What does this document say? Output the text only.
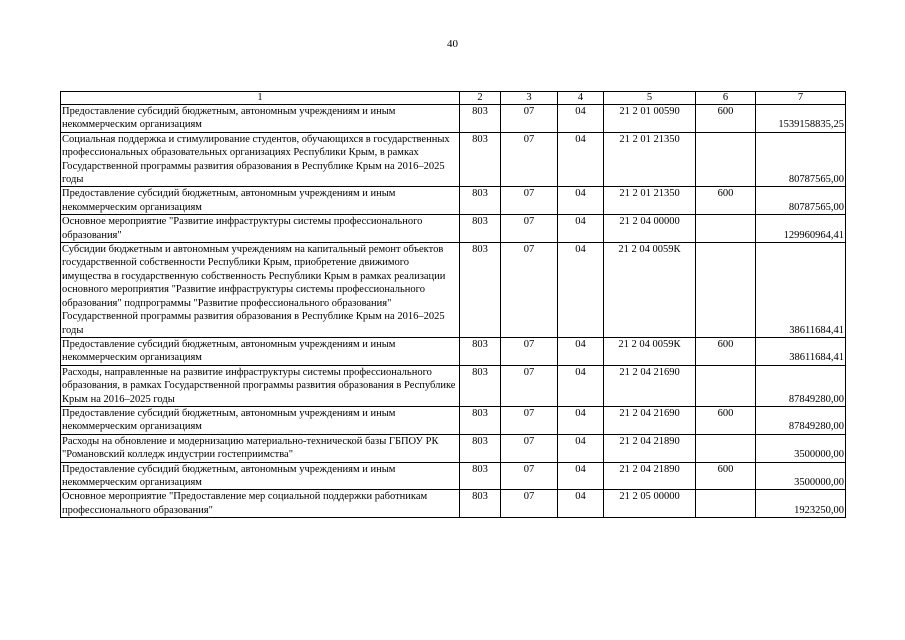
40
1	2	3	4	5	6	7
Предоставление субсидий бюджетным, автономным учреждениям и иным некоммерческим организациям	803	07	04	21 2 01 00590	600	1539158835,25
Социальная поддержка и стимулирование студентов, обучающихся в государственных профессиональных образовательных организациях Республики Крым, в рамках Государственной программы развития образования в Республике Крым на 2016–2025 годы	803	07	04	21 2 01 21350		80787565,00
Предоставление субсидий бюджетным, автономным учреждениям и иным некоммерческим организациям	803	07	04	21 2 01 21350	600	80787565,00
Основное мероприятие "Развитие инфраструктуры системы профессионального образования"	803	07	04	21 2 04 00000		129960964,41
Субсидии бюджетным и автономным учреждениям на капитальный ремонт объектов государственной собственности Республики Крым, приобретение движимого имущества в государственную собственность Республики Крым в рамках реализации основного мероприятия "Развитие инфраструктуры системы профессионального образования" подпрограммы "Развитие профессионального образования" Государственной программы развития образования в Республике Крым на 2016–2025 годы	803	07	04	21 2 04 0059К		38611684,41
Предоставление субсидий бюджетным, автономным учреждениям и иным некоммерческим организациям	803	07	04	21 2 04 0059К	600	38611684,41
Расходы, направленные на развитие инфраструктуры системы профессионального образования, в рамках Государственной программы развития образования в Республике Крым на 2016–2025 годы	803	07	04	21 2 04 21690		87849280,00
Предоставление субсидий бюджетным, автономным учреждениям и иным некоммерческим организациям	803	07	04	21 2 04 21690	600	87849280,00
Расходы на обновление и модернизацию материально-технической базы ГБПОУ РК "Романовский колледж индустрии гостеприимства"	803	07	04	21 2 04 21890		3500000,00
Предоставление субсидий бюджетным, автономным учреждениям и иным некоммерческим организациям	803	07	04	21 2 04 21890	600	3500000,00
Основное мероприятие "Предоставление мер социальной поддержки работникам профессионального образования"	803	07	04	21 2 05 00000		1923250,00
